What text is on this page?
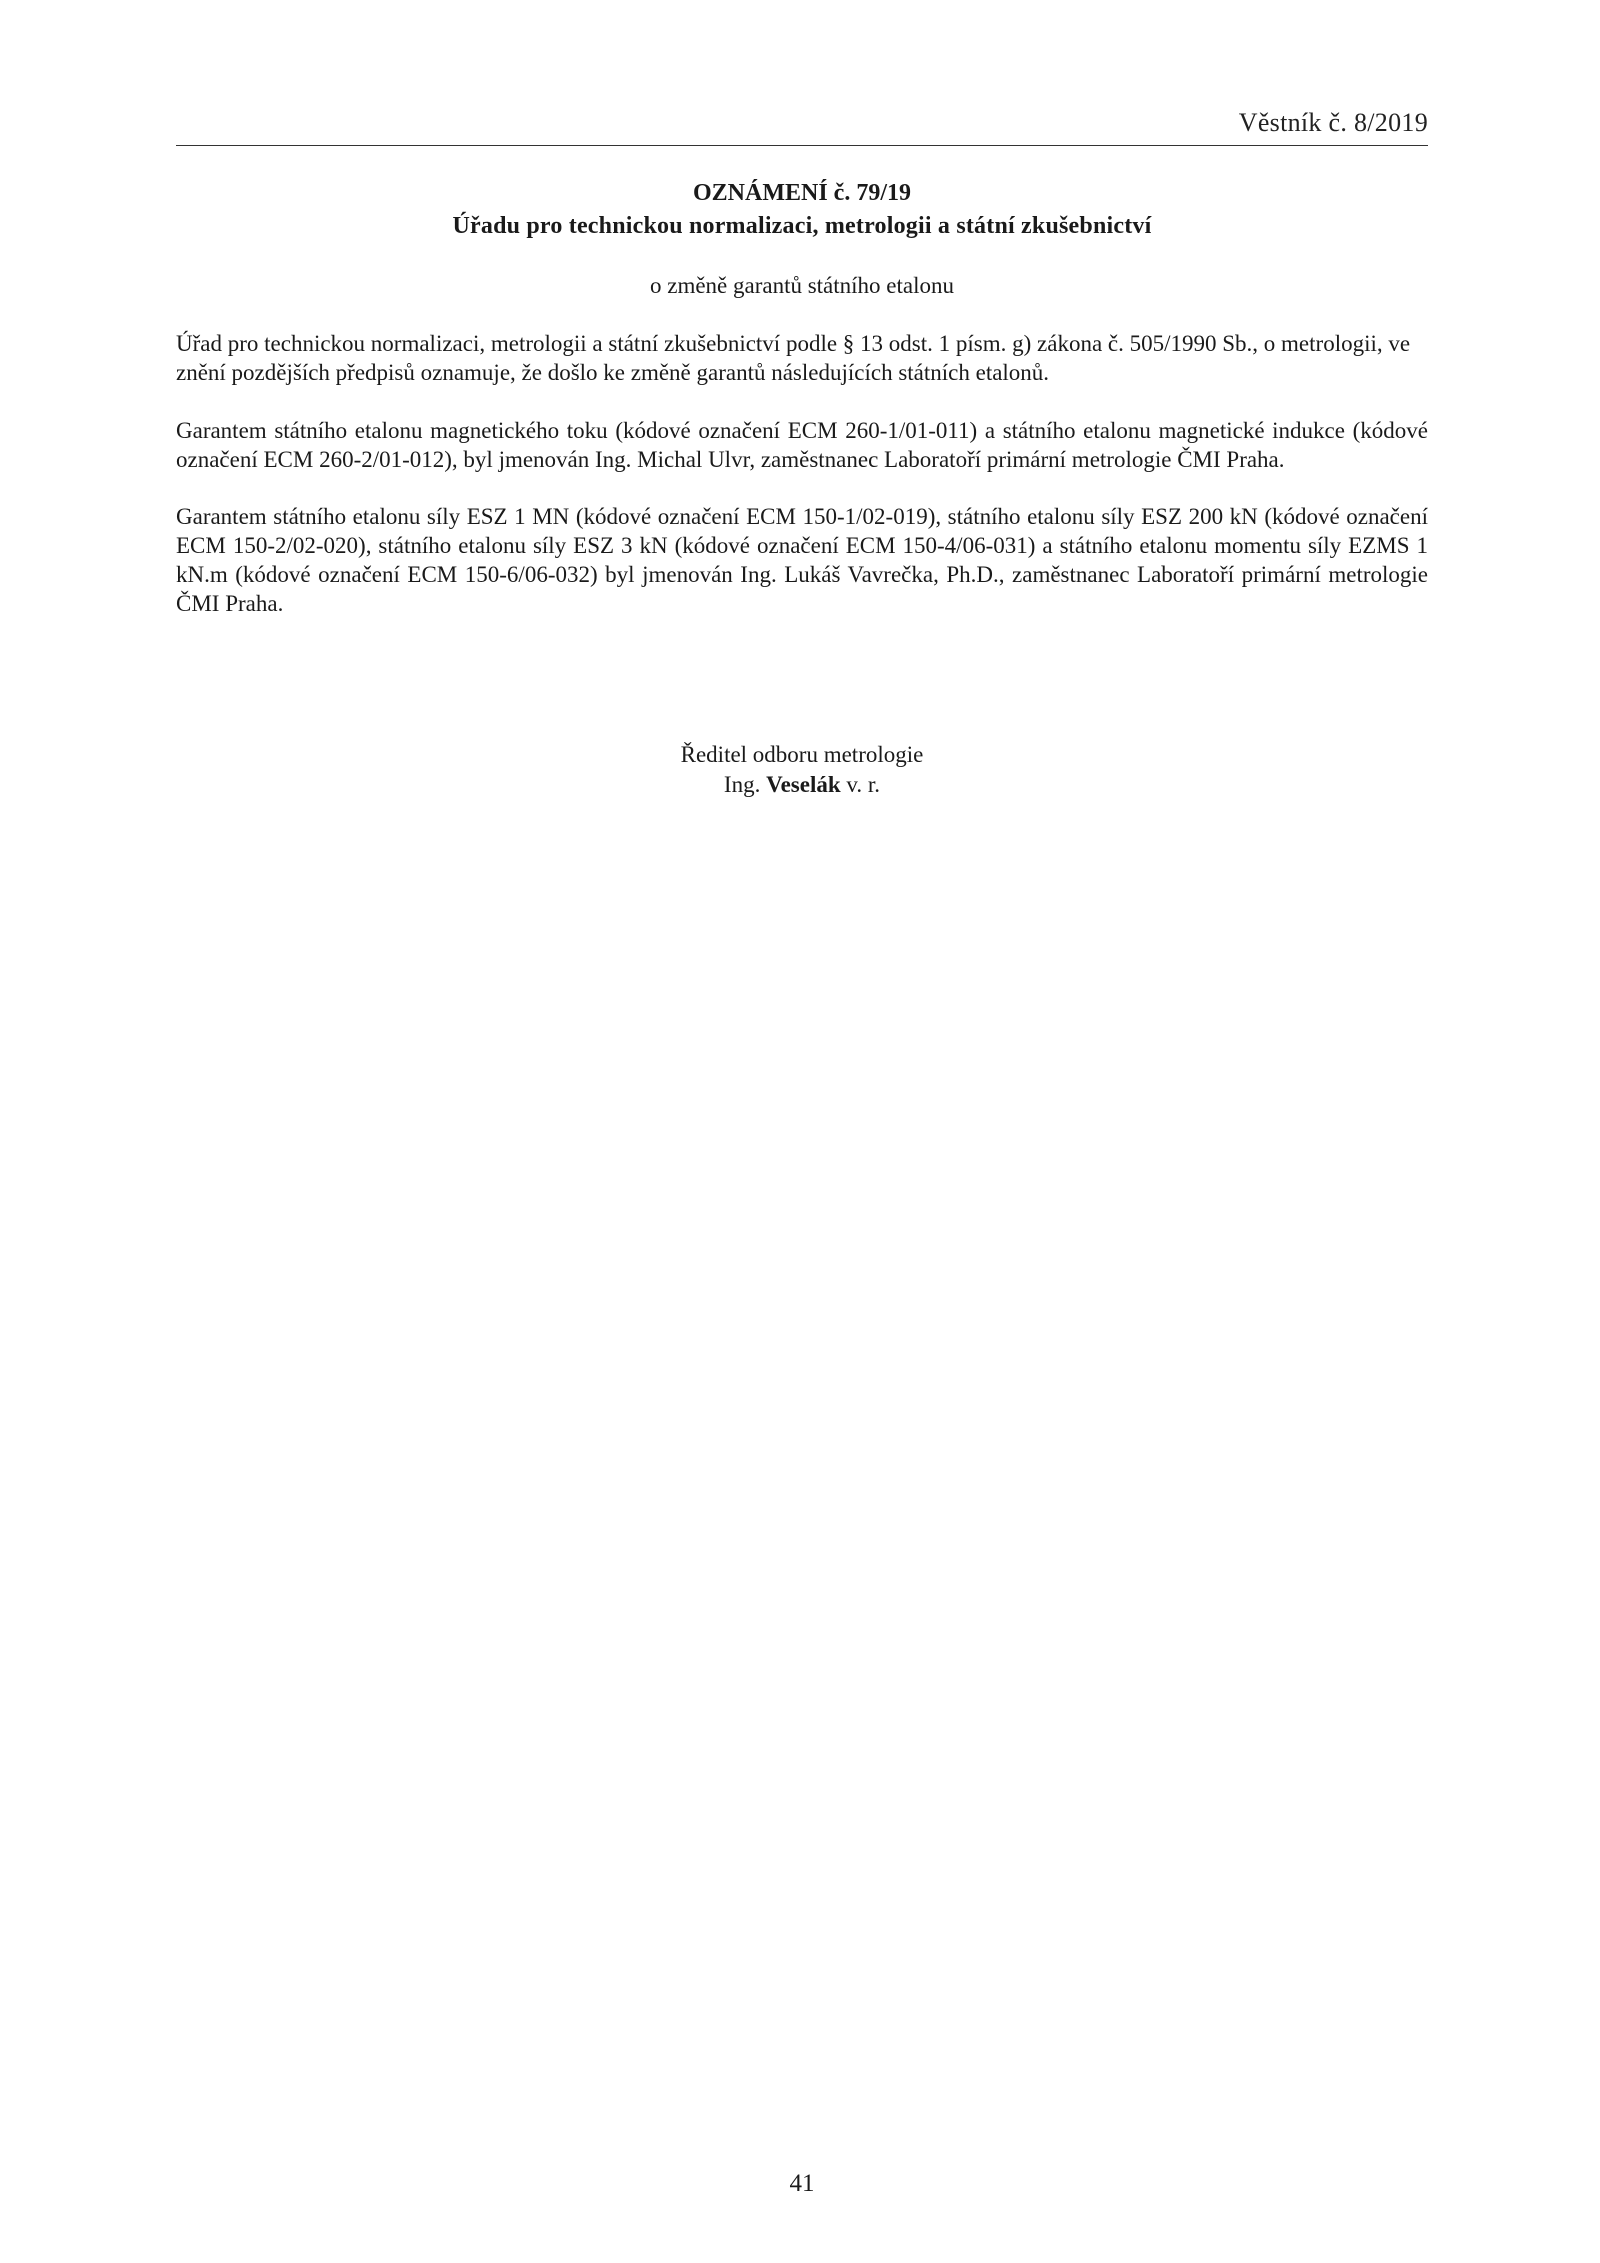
Věstník č. 8/2019
OZNÁMENÍ č. 79/19
Úřadu pro technickou normalizaci, metrologii a státní zkušebnictví
o změně garantů státního etalonu

Úřad pro technickou normalizaci, metrologii a státní zkušebnictví podle § 13 odst. 1 písm. g) zákona č. 505/1990 Sb., o metrologii, ve znění pozdějších předpisů oznamuje, že došlo ke změně garantů následujících státních etalonů.

Garantem státního etalonu magnetického toku (kódové označení ECM 260-1/01-011) a státního etalonu magnetické indukce (kódové označení ECM 260-2/01-012), byl jmenován Ing. Michal Ulvr, zaměstnanec Laboratoří primární metrologie ČMI Praha.

Garantem státního etalonu síly ESZ 1 MN (kódové označení ECM 150-1/02-019), státního etalonu síly ESZ 200 kN (kódové označení ECM 150-2/02-020), státního etalonu síly ESZ 3 kN (kódové označení ECM 150-4/06-031) a státního etalonu momentu síly EZMS 1 kN.m (kódové označení ECM 150-6/06-032) byl jmenován Ing. Lukáš Vavrečka, Ph.D., zaměstnanec Laboratoří primární metrologie ČMI Praha.

Ředitel odboru metrologie
Ing. Veselák v. r.
41
